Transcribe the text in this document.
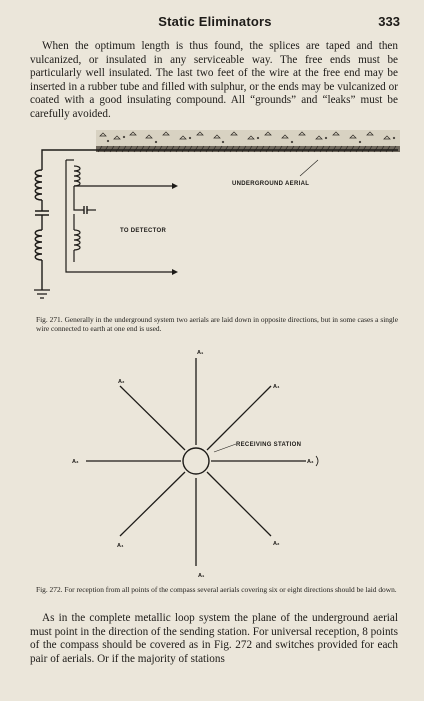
Static Eliminators	333

When the optimum length is thus found, the splices are taped and then vulcanized, or insulated in any serviceable way. The free ends must be particularly well insulated. The last two feet of the wire at the free end may be inserted in a rubber tube and filled with sulphur, or the ends may be vulcanized or coated with a good insulating compound. All “grounds” and “leaks” must be carefully avoided.

UNDERGROUND AERIAL
TO DETECTOR
RECEIVING STATION
A₁
A₁
A₂
A₂
A₃	A₃
A₄
A₄

Fig. 271. Generally in the underground system two aerials are laid down in opposite directions, but in some cases a single wire connected to earth at one end is used.

Fig. 272. For reception from all points of the compass several aerials covering six or eight directions should be laid down.

As in the complete metallic loop system the plane of the underground aerial must point in the direction of the sending station. For universal reception, 8 points of the compass should be covered as in Fig. 272 and switches provided for each pair of aerials. Or if the majority of stations
